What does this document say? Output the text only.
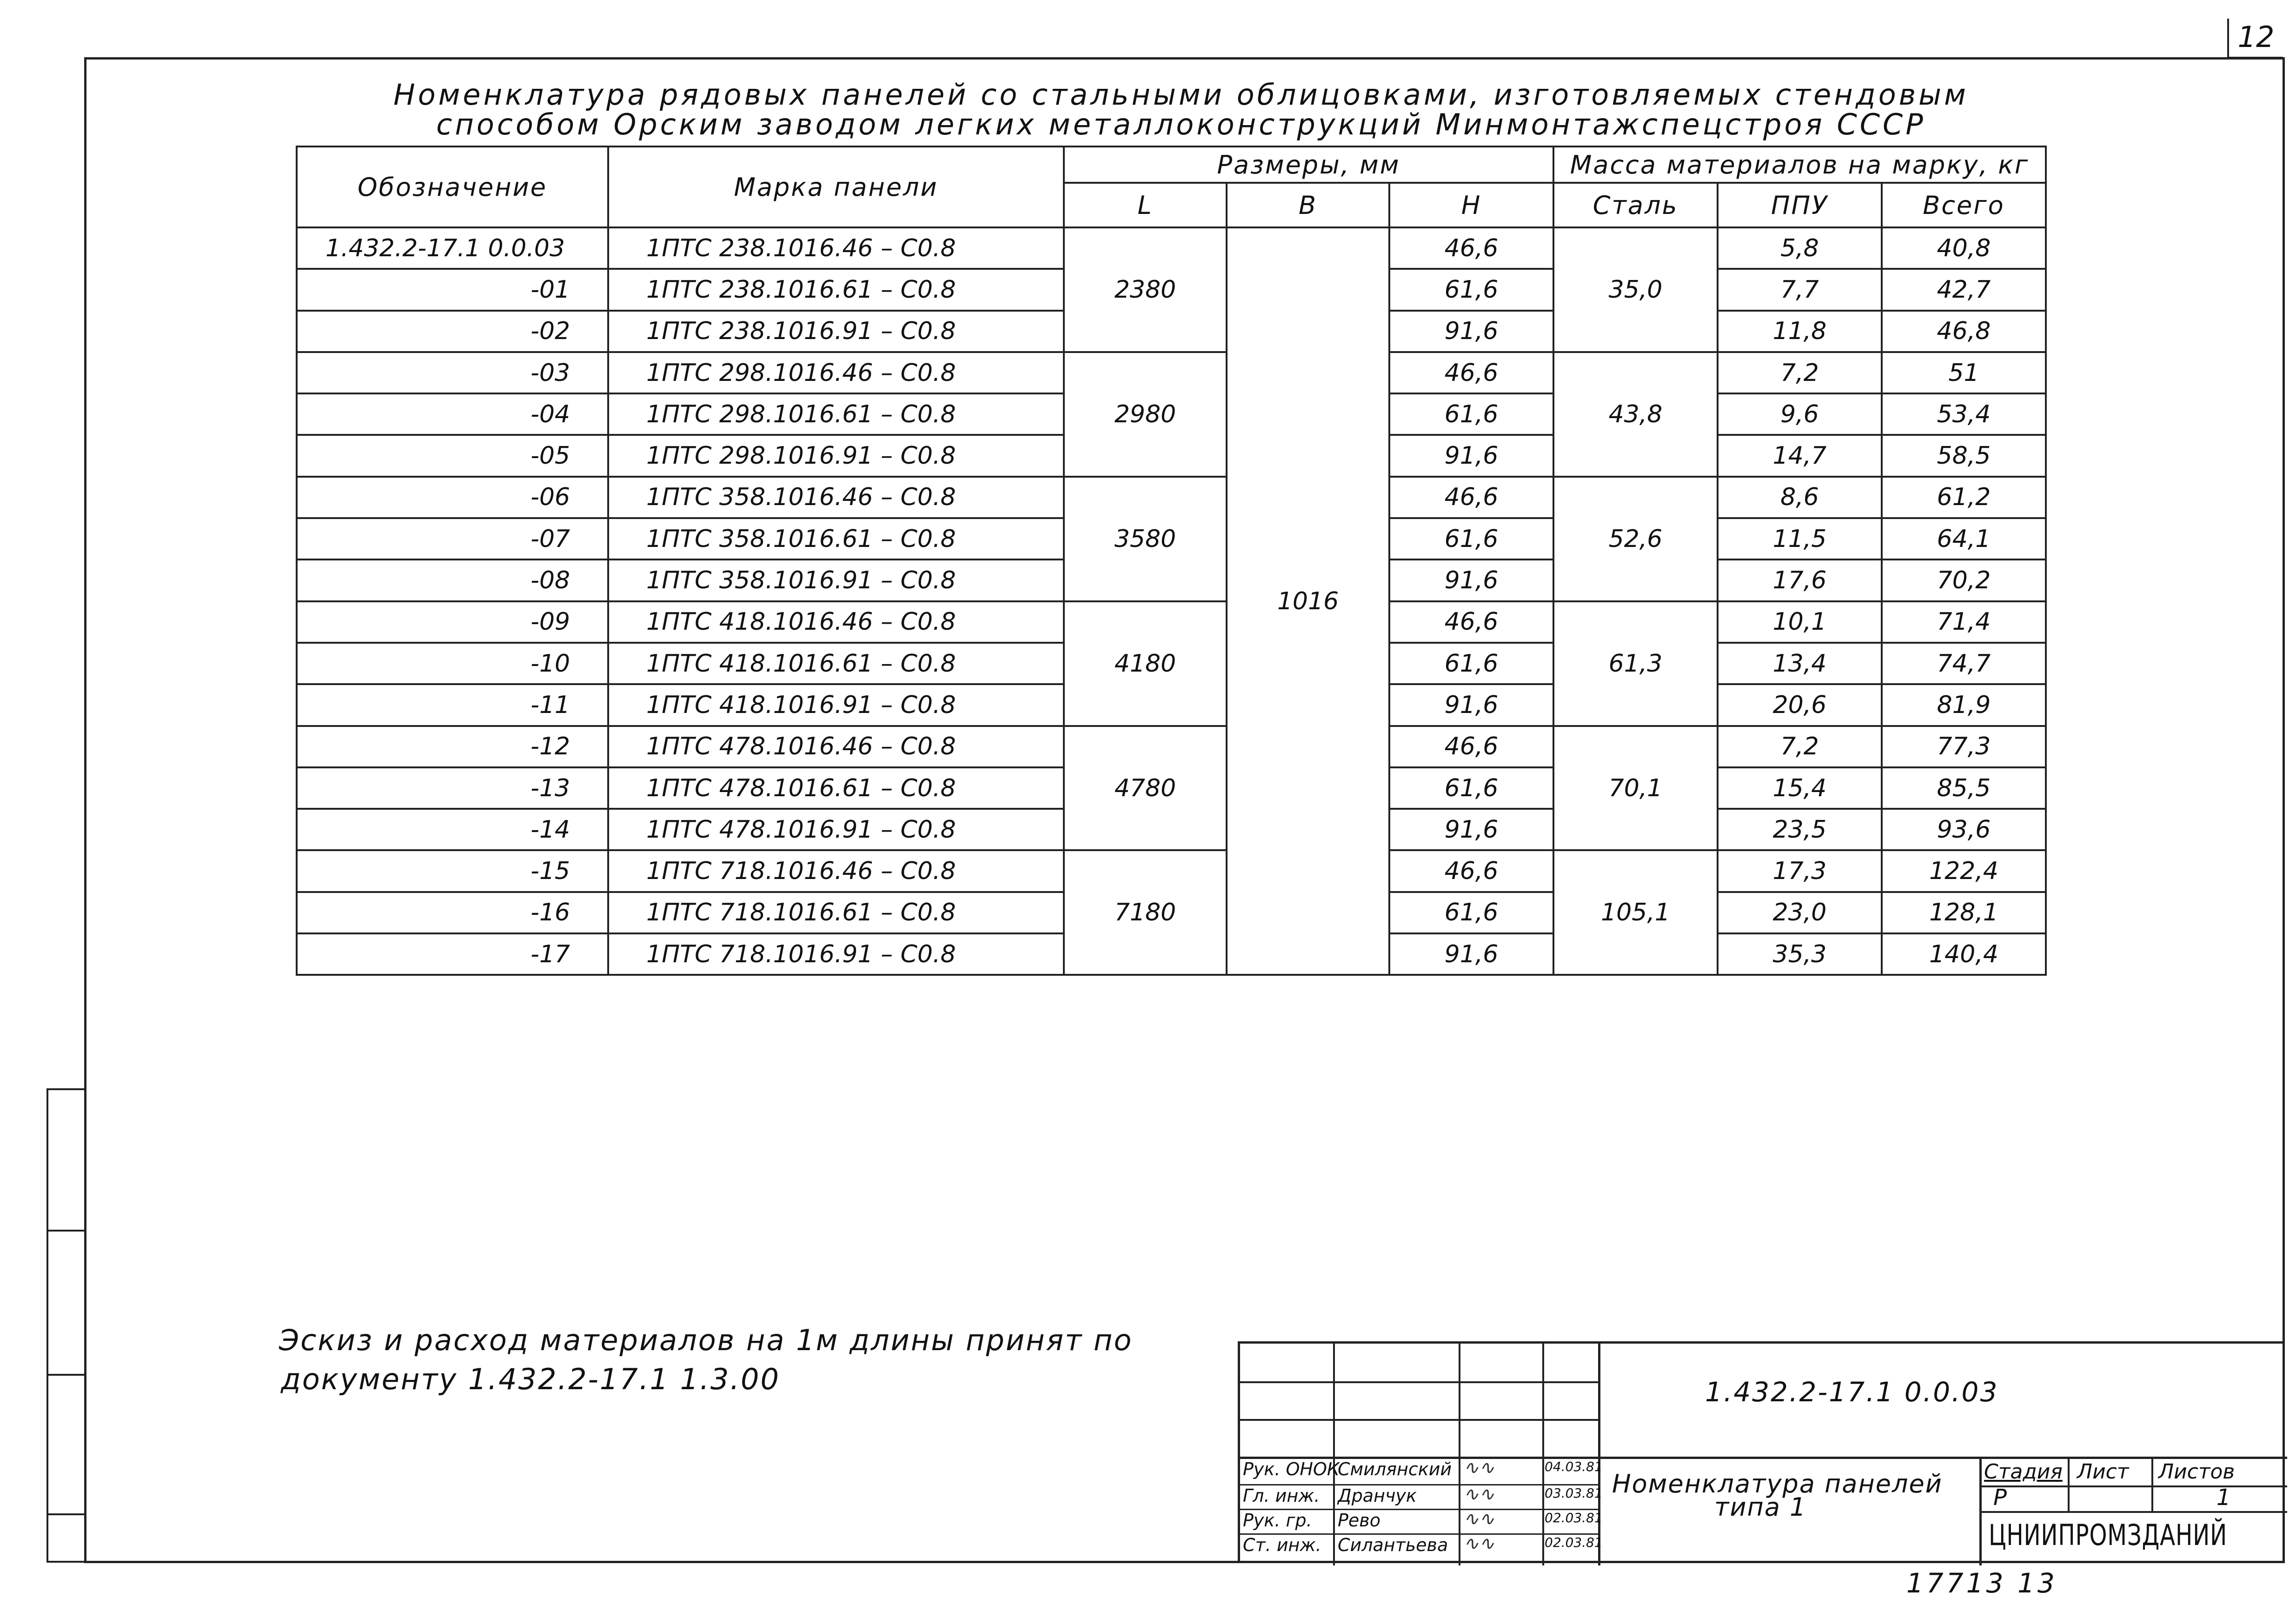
12
Номенклатура рядовых панелей со стальными облицовками, изготовляемых стендовым
способом Орским заводом легких металлоконструкций Минмонтажспецстроя СССР
Обозначение	Марка панели	Размеры, мм			Масса материалов на марку, кг		
		L	В	Н	Сталь	ППУ	Всего
1.432.2-17.1 0.0.03	1ПТС 238.1016.46 – С0.8	2380	1016	46,6	35,0	5,8	40,8
-01	1ПТС 238.1016.61 – С0.8			61,6		7,7	42,7
-02	1ПТС 238.1016.91 – С0.8			91,6		11,8	46,8
-03	1ПТС 298.1016.46 – С0.8	2980		46,6	43,8	7,2	51
-04	1ПТС 298.1016.61 – С0.8			61,6		9,6	53,4
-05	1ПТС 298.1016.91 – С0.8			91,6		14,7	58,5
-06	1ПТС 358.1016.46 – С0.8	3580		46,6	52,6	8,6	61,2
-07	1ПТС 358.1016.61 – С0.8			61,6		11,5	64,1
-08	1ПТС 358.1016.91 – С0.8			91,6		17,6	70,2
-09	1ПТС 418.1016.46 – С0.8	4180		46,6	61,3	10,1	71,4
-10	1ПТС 418.1016.61 – С0.8			61,6		13,4	74,7
-11	1ПТС 418.1016.91 – С0.8			91,6		20,6	81,9
-12	1ПТС 478.1016.46 – С0.8	4780		46,6	70,1	7,2	77,3
-13	1ПТС 478.1016.61 – С0.8			61,6		15,4	85,5
-14	1ПТС 478.1016.91 – С0.8			91,6		23,5	93,6
-15	1ПТС 718.1016.46 – С0.8	7180		46,6	105,1	17,3	122,4
-16	1ПТС 718.1016.61 – С0.8			61,6		23,0	128,1
-17	1ПТС 718.1016.91 – С0.8			91,6		35,3	140,4
Эскиз и расход материалов на 1м длины принят по
документу 1.432.2-17.1 1.3.00	1.432.2-17.1 0.0.03
Номенклатура панелей
типа 1
Стадия Лист Листов
Р	1
ЦНИИПРОМЗДАНИЙ
Рук. ОНОК
Смилянский	04.03.81
∿∿
Гл. инж. Дранчук	03.03.81
∿∿
Рук. гр. Рево	02.03.81
∿∿
Ст. инж. Силантьева	02.03.81
∿∿
17713 13
